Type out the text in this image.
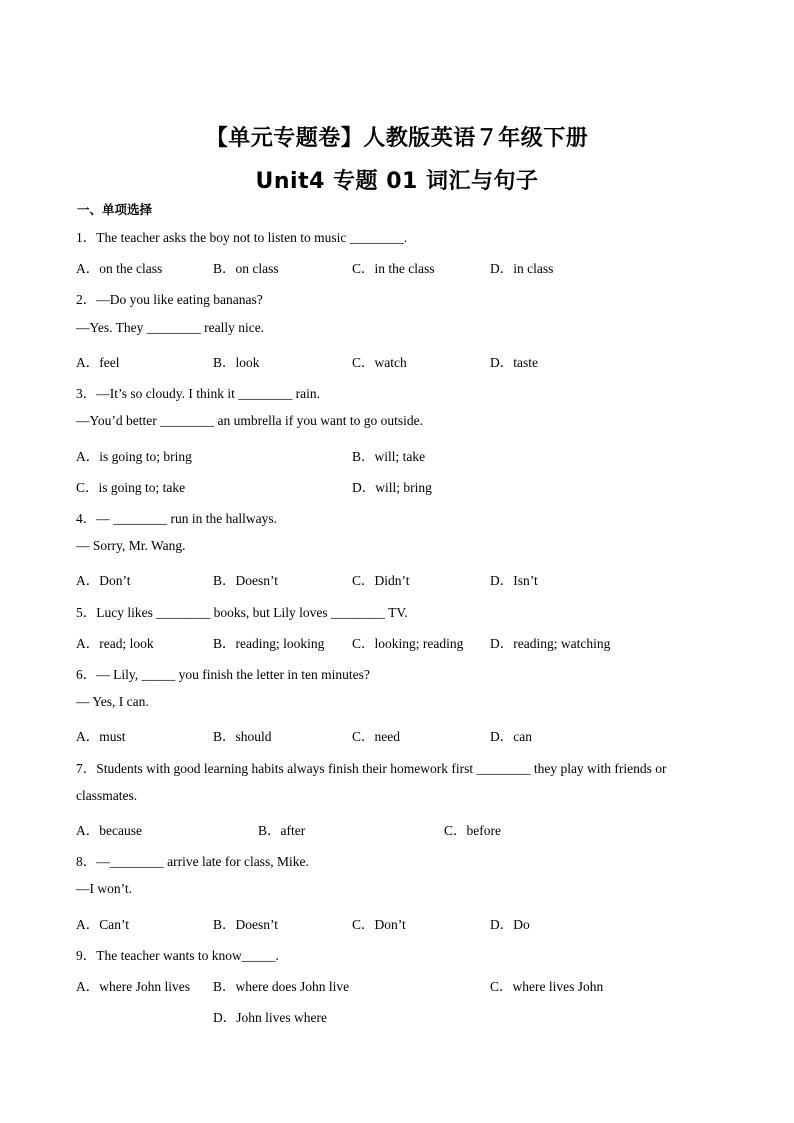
【单元专题卷】人教版英语７年级下册
Unit4 专题 01 词汇与句子
一、单项选择
1．The teacher asks the boy not to listen to music ________.
A．on the class	B．on class	C．in the class	D．in class
2．—Do you like eating bananas?
—Yes. They ________ really nice.
A．feel	B．look	C．watch	D．taste
3．—It’s so cloudy. I think it ________ rain.
—You’d better ________ an umbrella if you want to go outside.
A．is going to; bring	B．will; take
C．is going to; take	D．will; bring
4．— ________ run in the hallways.
— Sorry, Mr. Wang.
A．Don’t	B．Doesn’t	C．Didn’t	D．Isn’t
5．Lucy likes ________ books, but Lily loves ________ TV.
A．read; look	B．reading; looking C．looking; reading D．reading; watching
6．— Lily, _____ you finish the letter in ten minutes?
— Yes, I can.
A．must	B．should	C．need	D．can
7．Students with good learning habits always finish their homework first ________ they play with friends or
classmates.
A．because	B．after	C．before
8．—________ arrive late for class, Mike.
—I won’t.
A．Can’t	B．Doesn’t	C．Don’t	D．Do
9．The teacher wants to know_____.
A．where John lives B．where does John live	C．where lives John
D．John lives where
